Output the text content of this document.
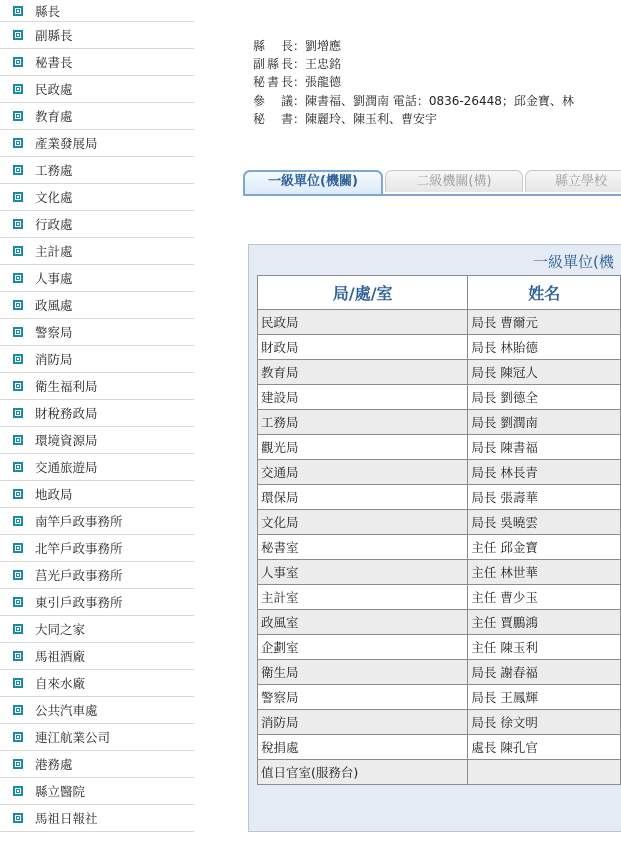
縣長
副縣長
秘書長
民政處
教育處
產業發展局
工務處
文化處
行政處
主計處
人事處
政風處
警察局
消防局
衛生福利局
財稅務政局
環境資源局
交通旅遊局
地政局
南竿戶政事務所
北竿戶政事務所
莒光戶政事務所
東引戶政事務所
大同之家
馬祖酒廠
自來水廠
公共汽車處
連江航業公司
港務處
縣立醫院
馬祖日報社
縣　長 ： 劉增應
副縣長 ： 王忠銘
秘書長 ： 張龍德
參　議 ： 陳書福、劉潤南 電話：0836-26448；邱金寶、林
秘　書 ： 陳麗玲、陳玉利、曹安宇
一級單位(機關)	二級機關(構)	縣立學校
一級單位(機
局/處/室	姓名
民政局	局長 曹爾元
財政局	局長 林貽德
教育局	局長 陳冠人
建設局	局長 劉德全
工務局	局長 劉潤南
觀光局	局長 陳書福
交通局	局長 林長青
環保局	局長 張壽華
文化局	局長 吳曉雲
秘書室	主任 邱金寶
人事室	主任 林世華
主計室	主任 曹少玉
政風室	主任 賈鵬鴻
企劃室	主任 陳玉利
衛生局	局長 謝春福
警察局	局長 王鳳輝
消防局	局長 徐文明
稅捐處	處長 陳孔官
值日官室(服務台)	
